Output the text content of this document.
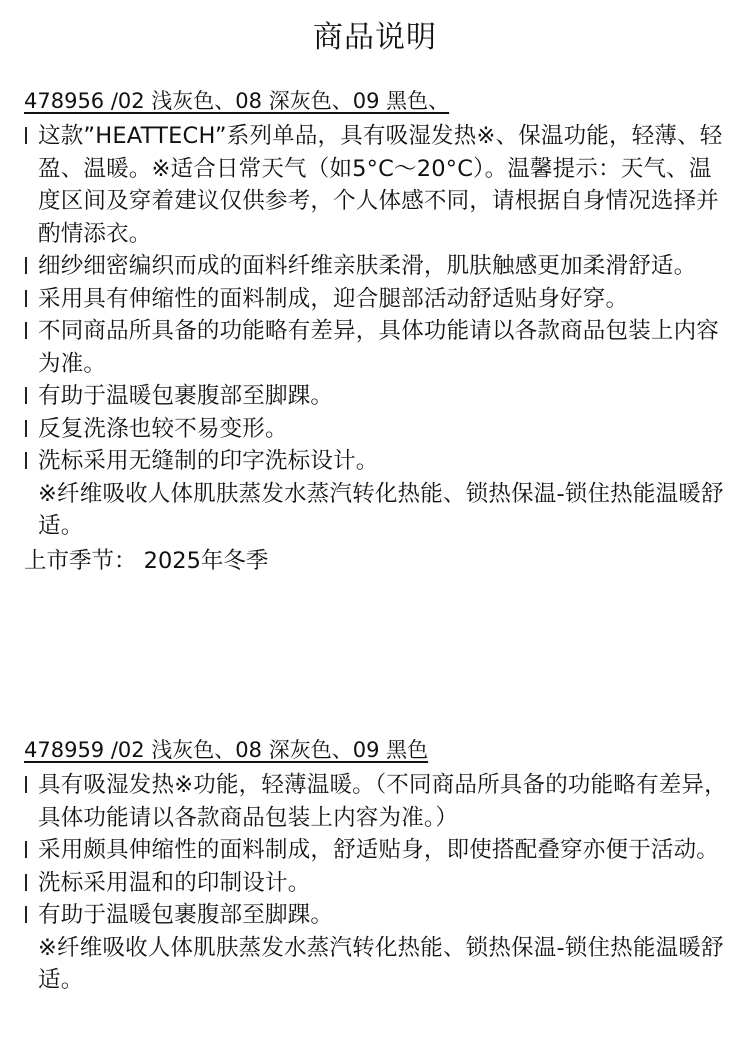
商品说明
478956 /02 浅灰色、08 深灰色、09 黑色、
这款”HEATTECH”系列单品，具有吸湿发热※、保温功能，轻薄、轻盈、温暖。※适合日常天气（如5°C～20°C）。温馨提示：天气、温度区间及穿着建议仅供参考，个人体感不同，请根据自身情况选择并酌情添衣。
细纱细密编织而成的面料纤维亲肤柔滑，肌肤触感更加柔滑舒适。
采用具有伸缩性的面料制成，迎合腿部活动舒适贴身好穿。
不同商品所具备的功能略有差异，具体功能请以各款商品包装上内容为准。
有助于温暖包裹腹部至脚踝。
反复洗涤也较不易变形。
洗标采用无缝制的印字洗标设计。
※纤维吸收人体肌肤蒸发水蒸汽转化热能、锁热保温-锁住热能温暖舒适。
上市季节： 2025年冬季
478959 /02 浅灰色、08 深灰色、09 黑色
具有吸湿发热※功能，轻薄温暖。（不同商品所具备的功能略有差异，具体功能请以各款商品包装上内容为准。）
采用颇具伸缩性的面料制成，舒适贴身，即使搭配叠穿亦便于活动。
洗标采用温和的印制设计。
有助于温暖包裹腹部至脚踝。
※纤维吸收人体肌肤蒸发水蒸汽转化热能、锁热保温-锁住热能温暖舒适。
